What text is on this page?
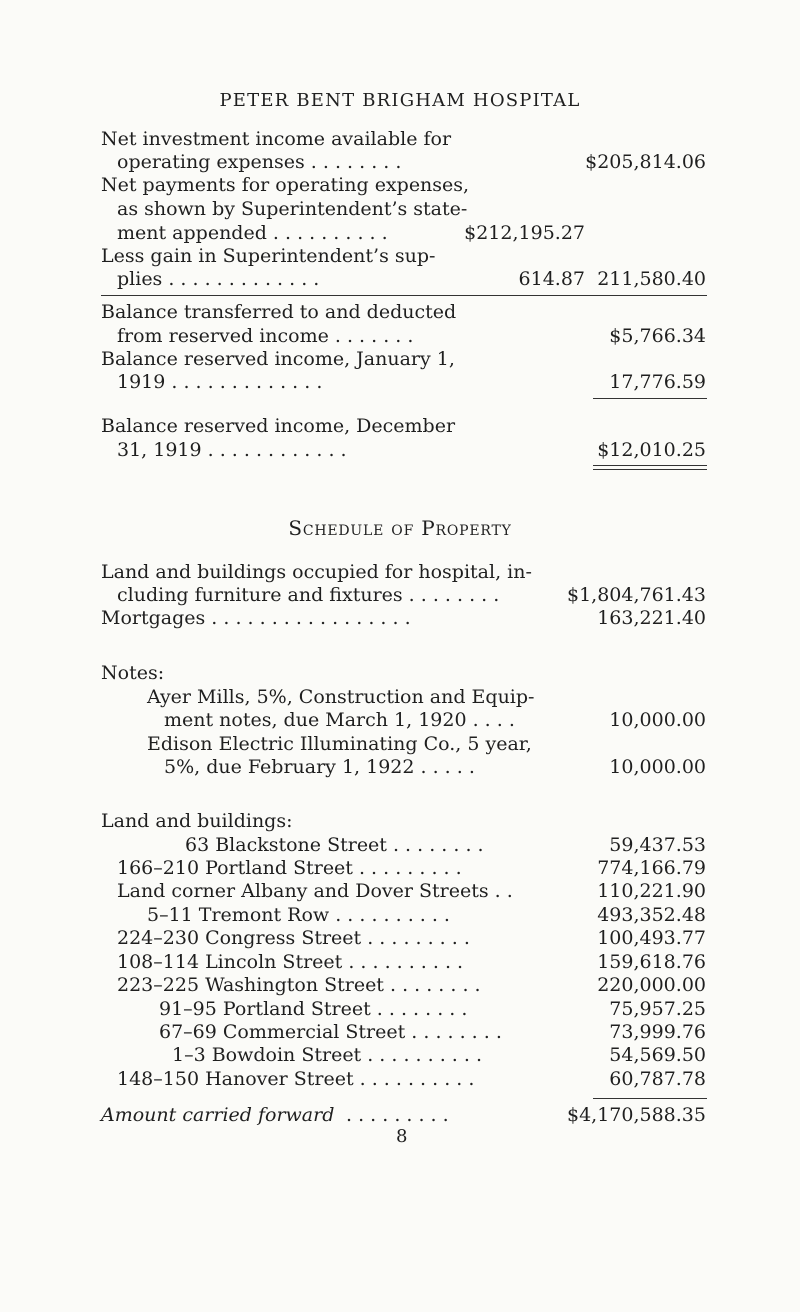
PETER BENT BRIGHAM HOSPITAL
Net investment income available for
operating expenses . . . . . . . .	$205,814.06
Net payments for operating expenses,
as shown by Superintendent’s state-
ment appended . . . . . . . . . .	$212,195.27
Less gain in Superintendent’s sup-
plies . . . . . . . . . . . . .	614.87 211,580.40
Balance transferred to and deducted
from reserved income . . . . . . .	$5,766.34
Balance reserved income, January 1,
1919 . . . . . . . . . . . . .	17,776.59
Balance reserved income, December
31, 1919 . . . . . . . . . . . .	$12,010.25
Schedule of Property
Land and buildings occupied for hospital, in-
cluding furniture and fixtures . . . . . . . .	$1,804,761.43
Mortgages . . . . . . . . . . . . . . . . .	163,221.40
Notes:
Ayer Mills, 5%, Construction and Equip-
ment notes, due March 1, 1920 . . . .	10,000.00
Edison Electric Illuminating Co., 5 year,
5%, due February 1, 1922 . . . . .	10,000.00
Land and buildings:
63 Blackstone Street . . . . . . . .	59,437.53
166–210 Portland Street . . . . . . . . .	774,166.79
Land corner Albany and Dover Streets . .	110,221.90
5–11 Tremont Row . . . . . . . . . .	493,352.48
224–230 Congress Street . . . . . . . . .	100,493.77
108–114 Lincoln Street . . . . . . . . . .	159,618.76
223–225 Washington Street . . . . . . . .	220,000.00
91–95 Portland Street . . . . . . . .	75,957.25
67–69 Commercial Street . . . . . . . .	73,999.76
1–3 Bowdoin Street . . . . . . . . . .	54,569.50
148–150 Hanover Street . . . . . . . . . .	60,787.78
Amount carried forward . . . . . . . . .	$4,170,588.35
8
